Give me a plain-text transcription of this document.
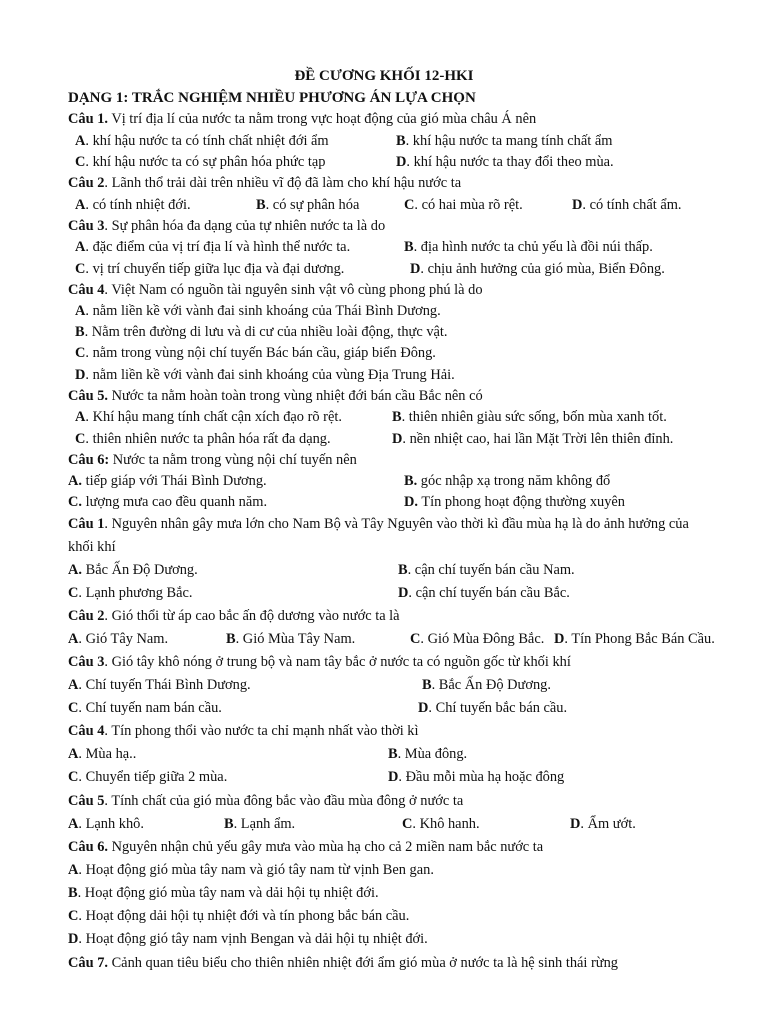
ĐỀ CƯƠNG KHỐI 12-HKI
DẠNG 1: TRẮC NGHIỆM NHIỀU PHƯƠNG ÁN LỰA CHỌN
Câu 1. Vị trí địa lí của nước ta nằm trong vực hoạt động của gió mùa châu Á nên
A. khí hậu nước ta có tính chất nhiệt đới ẩm	B. khí hậu nước ta mang tính chất ẩm
C. khí hậu nước ta có sự phân hóa phức tạp	D. khí hậu nước ta thay đổi theo mùa.
Câu 2. Lãnh thổ trải dài trên nhiều vĩ độ đã làm cho khí hậu nước ta
A. có tính nhiệt đới.	B. có sự phân hóa	C. có hai mùa rõ rệt.	D. có tính chất ẩm.
Câu 3. Sự phân hóa đa dạng của tự nhiên nước ta là do
A. đặc điểm của vị trí địa lí và hình thể nước ta.	B. địa hình nước ta chủ yếu là đồi núi thấp.
C. vị trí chuyển tiếp giữa lục địa và đại dương.	D. chịu ảnh hưởng của gió mùa, Biển Đông.
Câu 4. Việt Nam có nguồn tài nguyên sinh vật vô cùng phong phú là do
A. nằm liền kề với vành đai sinh khoáng của Thái Bình Dương.
B. Nằm trên đường di lưu và di cư của nhiều loài động, thực vật.
C. nằm trong vùng nội chí tuyến Bác bán cầu, giáp biển Đông.
D. nằm liền kề với vành đai sinh khoáng của vùng Địa Trung Hải.
Câu 5. Nước ta nằm hoàn toàn trong vùng nhiệt đới bán cầu Bắc nên có
A. Khí hậu mang tính chất cận xích đạo rõ rệt.	B. thiên nhiên giàu sức sống, bốn mùa xanh tốt.
C. thiên nhiên nước ta phân hóa rất đa dạng.	D. nền nhiệt cao, hai lần Mặt Trời lên thiên đỉnh.
Câu 6: Nước ta nằm trong vùng nội chí tuyến nên
A. tiếp giáp với Thái Bình Dương.	B. góc nhập xạ trong năm không đổ
C. lượng mưa cao đều quanh năm.	D. Tín phong hoạt động thường xuyên
Câu 1. Nguyên nhân gây mưa lớn cho Nam Bộ và Tây Nguyên vào thời kì đầu mùa hạ là do ảnh hưởng của
khối khí
A. Bắc Ấn Độ Dương.	B. cận chí tuyến bán cầu Nam.
C. Lạnh phương Bắc.	D. cận chí tuyến bán cầu Bắc.
Câu 2. Gió thổi từ áp cao bắc ấn độ dương vào nước ta là
A. Gió Tây Nam.	B. Gió Mùa Tây Nam.	C. Gió Mùa Đông Bắc. D. Tín Phong Bắc Bán Cầu.
Câu 3. Gió tây khô nóng ở trung bộ và nam tây bắc ở nước ta có nguồn gốc từ khối khí
A. Chí tuyến Thái Bình Dương.	B. Bắc Ấn Độ Dương.
C. Chí tuyến nam bán cầu.	D. Chí tuyến bắc bán cầu.
Câu 4. Tín phong thổi vào nước ta chỉ mạnh nhất vào thời kì
A. Mùa hạ..	B. Mùa đông.
C. Chuyển tiếp giữa 2 mùa.	D. Đầu mỗi mùa hạ hoặc đông
Câu 5. Tính chất của gió mùa đông bắc vào đầu mùa đông ở nước ta
A. Lạnh khô.	B. Lạnh ẩm.	C. Khô hanh.	D. Ẩm ướt.
Câu 6. Nguyên nhận chủ yếu gây mưa vào mùa hạ cho cả 2 miền nam bắc nước ta
A. Hoạt động gió mùa tây nam và gió tây nam từ vịnh Ben gan.
B. Hoạt động gió mùa tây nam và dải hội tụ nhiệt đới.
C. Hoạt động dải hội tụ nhiệt đới và tín phong bắc bán cầu.
D. Hoạt động gió tây nam vịnh Bengan và dải hội tụ nhiệt đới.
Câu 7. Cảnh quan tiêu biểu cho thiên nhiên nhiệt đới ẩm gió mùa ở nước ta là hệ sinh thái rừng
